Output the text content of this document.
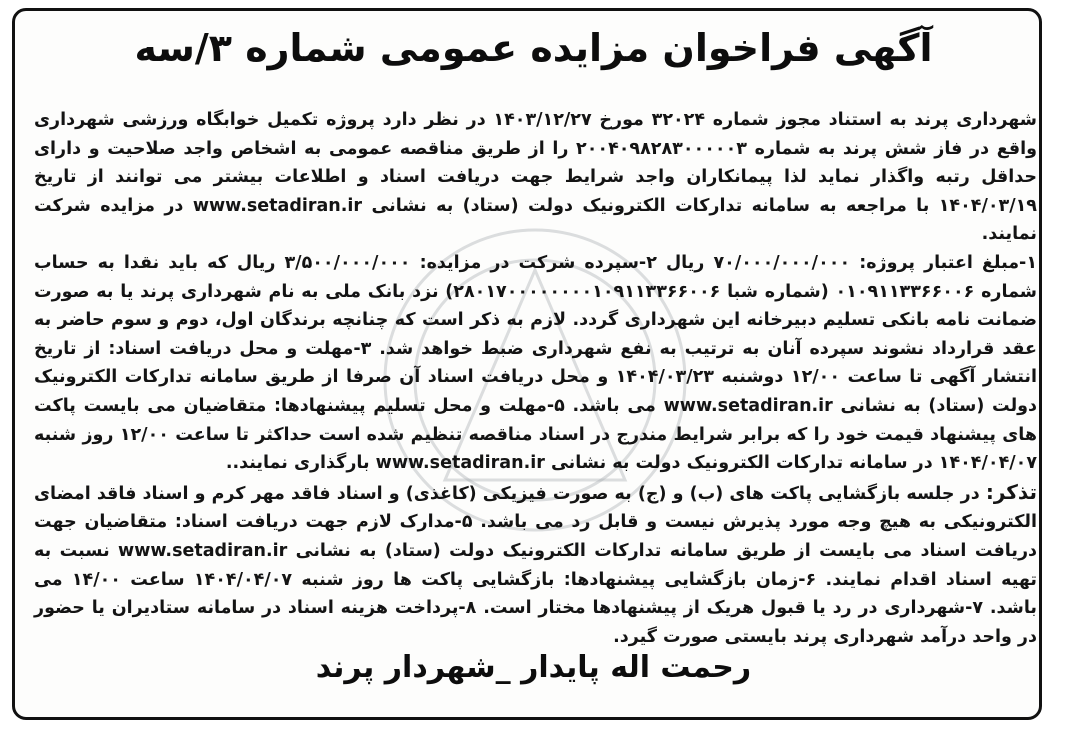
آگهی فراخوان مزایده عمومی شماره ۳/سه

شهرداری پرند به استناد مجوز شماره ۳۲۰۲۴ مورخ ۱۴۰۳/۱۲/۲۷ در نظر دارد پروژه تکمیل خوابگاه ورزشی شهرداری واقع در فاز شش پرند به شماره ۲۰۰۴۰۹۸۲۸۳۰۰۰۰۰۳ را از طریق مناقصه عمومی به اشخاص واجد صلاحیت و دارای حداقل رتبه واگذار نماید لذا پیمانکاران واجد شرایط جهت دریافت اسناد و اطلاعات بیشتر می توانند از تاریخ ۱۴۰۴/۰۳/۱۹ با مراجعه به سامانه تدارکات الکترونیک دولت (ستاد) به نشانی www.setadiran.ir در مزایده شرکت نمایند.

۱-مبلغ اعتبار پروژه: ۷۰/۰۰۰/۰۰۰/۰۰۰ ریال ۲-سپرده شرکت در مزایده: ۳/۵۰۰/۰۰۰/۰۰۰ ریال که باید نقدا به حساب شماره ۰۱۰۹۱۱۳۳۶۶۰۰۶ (شماره شبا ۲۸۰۱۷۰۰۰۰۰۰۰۰۱۰۹۱۱۳۳۶۶۰۰۶) نزد بانک ملی به نام شهرداری پرند یا به صورت ضمانت نامه بانکی تسلیم دبیرخانه این شهرداری گردد. لازم به ذکر است که چنانچه برندگان اول، دوم و سوم حاضر به عقد قرارداد نشوند سپرده آنان به ترتیب به نفع شهرداری ضبط خواهد شد. ۳-مهلت و محل دریافت اسناد: از تاریخ انتشار آگهی تا ساعت ۱۲/۰۰ دوشنبه ۱۴۰۴/۰۳/۲۳ و محل دریافت اسناد آن صرفا از طریق سامانه تدارکات الکترونیک دولت (ستاد) به نشانی www.setadiran.ir می باشد. ۵-مهلت و محل تسلیم پیشنهادها: متقاضیان می بایست پاکت های پیشنهاد قیمت خود را که برابر شرایط مندرج در اسناد مناقصه تنظیم شده است حداکثر تا ساعت ۱۲/۰۰ روز شنبه ۱۴۰۴/۰۴/۰۷ در سامانه تدارکات الکترونیک دولت به نشانی www.setadiran.ir بارگذاری نمایند..

تذکر: در جلسه بازگشایی پاکت های (ب) و (ج) به صورت فیزیکی (کاغذی) و اسناد فاقد مهر کرم و اسناد فاقد امضای الکترونیکی به هیچ وجه مورد پذیرش نیست و قابل رد می باشد. ۵-مدارک لازم جهت دریافت اسناد: متقاضیان جهت دریافت اسناد می بایست از طریق سامانه تدارکات الکترونیک دولت (ستاد) به نشانی www.setadiran.ir نسبت به تهیه اسناد اقدام نمایند. ۶-زمان بازگشایی پیشنهادها: بازگشایی پاکت ها روز شنبه ۱۴۰۴/۰۴/۰۷ ساعت ۱۴/۰۰ می باشد. ۷-شهرداری در رد یا قبول هریک از پیشنهادها مختار است. ۸-پرداخت هزینه اسناد در سامانه ستادیران یا حضور در واحد درآمد شهرداری پرند بایستی صورت گیرد.

رحمت اله پایدار _شهردار پرند
